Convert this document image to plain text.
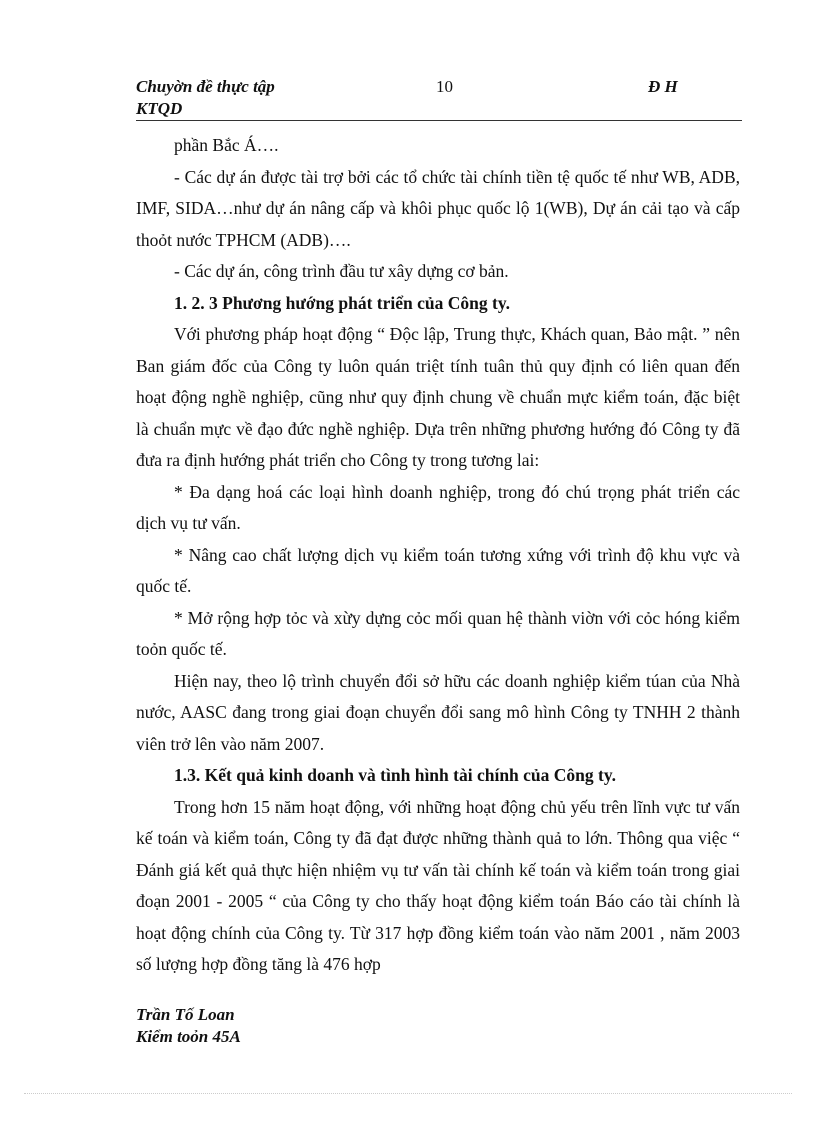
Chuyờn đề thực tập
KTQD
10	Đ H

phần Bắc Á….

- Các dự án được tài trợ bởi các tổ chức tài chính tiền tệ quốc tế như WB, ADB, IMF, SIDA…như dự án nâng cấp và khôi phục quốc lộ 1(WB), Dự án cải tạo và cấp thoỏt nước TPHCM (ADB)….

- Các dự án, công trình đầu tư xây dựng cơ bản.

1. 2. 3 Phương hướng phát triển của Công ty.

Với phương pháp hoạt động “ Độc lập, Trung thực, Khách quan, Bảo mật. ” nên Ban giám đốc của Công ty luôn quán triệt tính tuân thủ quy định có liên quan đến hoạt động nghề nghiệp, cũng như quy định chung về chuẩn mực kiểm toán, đặc biệt là chuẩn mực về đạo đức nghề nghiệp. Dựa trên những phương hướng đó Công ty đã đưa ra định hướng phát triển cho Công ty trong tương lai:

* Đa dạng hoá các loại hình doanh nghiệp, trong đó chú trọng phát triển các dịch vụ tư vấn.

* Nâng cao chất lượng dịch vụ kiểm toán tương xứng với trình độ khu vực và quốc tế.

* Mở rộng hợp tỏc và xừy dựng cỏc mối quan hệ thành viờn với cỏc hóng kiểm toỏn quốc tế.

Hiện nay, theo lộ trình chuyển đổi sở hữu các doanh nghiệp kiểm túan của Nhà nước, AASC đang trong giai đoạn chuyển đổi sang mô hình Công ty TNHH 2 thành viên trở lên vào năm 2007.

1.3. Kết quả kinh doanh và tình hình tài chính của Công ty.

Trong hơn 15 năm hoạt động, với những hoạt động chủ yếu trên lĩnh vực tư vấn kế toán và kiểm toán, Công ty đã đạt được những thành quả to lớn. Thông qua việc “ Đánh giá kết quả thực hiện nhiệm vụ tư vấn tài chính kế toán và kiểm toán trong giai đoạn 2001 - 2005 “ của Công ty cho thấy hoạt động kiểm toán Báo cáo tài chính là hoạt động chính của Công ty. Từ 317 hợp đồng kiểm toán vào năm 2001 , năm 2003 số lượng hợp đồng tăng là 476 hợp

Trần Tố Loan
Kiểm toỏn 45A
